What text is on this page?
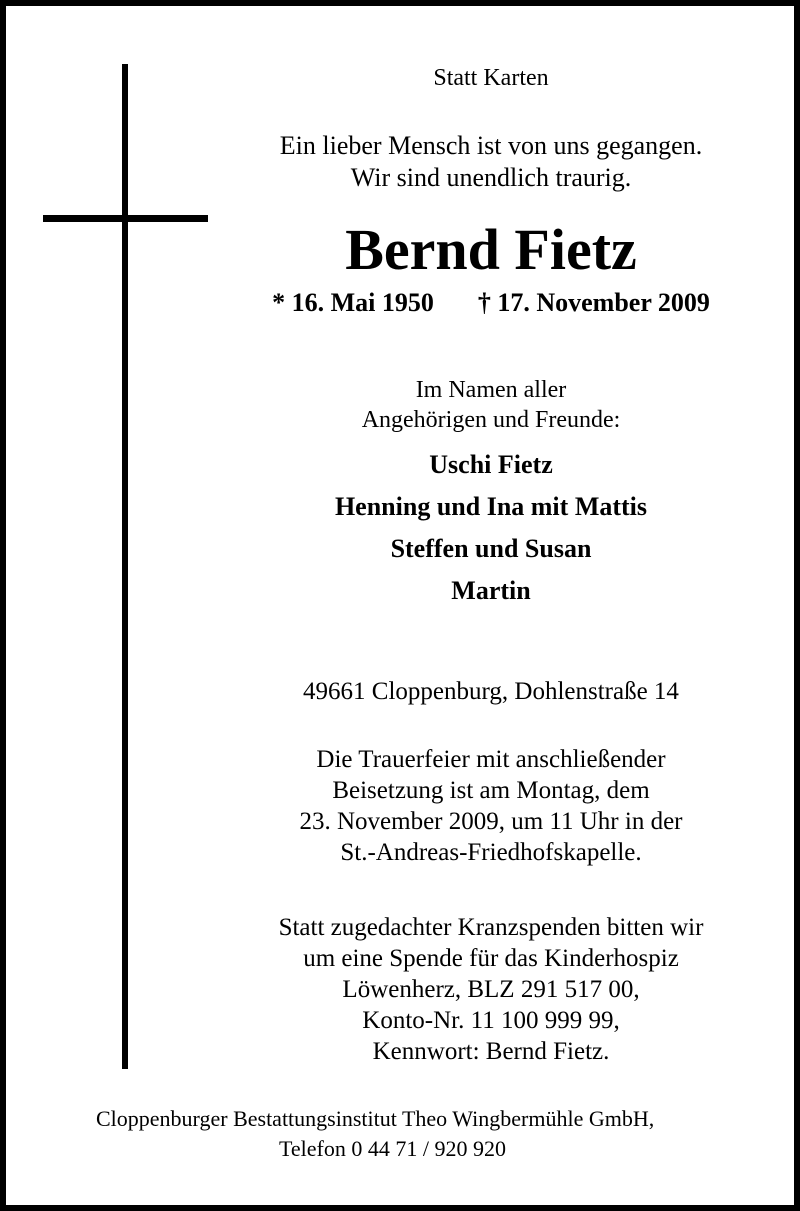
Statt Karten
Ein lieber Mensch ist von uns gegangen.
Wir sind unendlich traurig.
Bernd Fietz
* 16. Mai 1950 † 17. November 2009
Im Namen aller
Angehörigen und Freunde:
Uschi Fietz
Henning und Ina mit Mattis
Steffen und Susan
Martin
49661 Cloppenburg, Dohlenstraße 14
Die Trauerfeier mit anschließender
Beisetzung ist am Montag, dem
23. November 2009, um 11 Uhr in der
St.-Andreas-Friedhofskapelle.
Statt zugedachter Kranzspenden bitten wir
um eine Spende für das Kinderhospiz
Löwenherz, BLZ 291 517 00,
Konto-Nr. 11 100 999 99,
Kennwort: Bernd Fietz.
Cloppenburger Bestattungsinstitut Theo Wingbermühle GmbH,
Telefon 0 44 71 / 920 920
